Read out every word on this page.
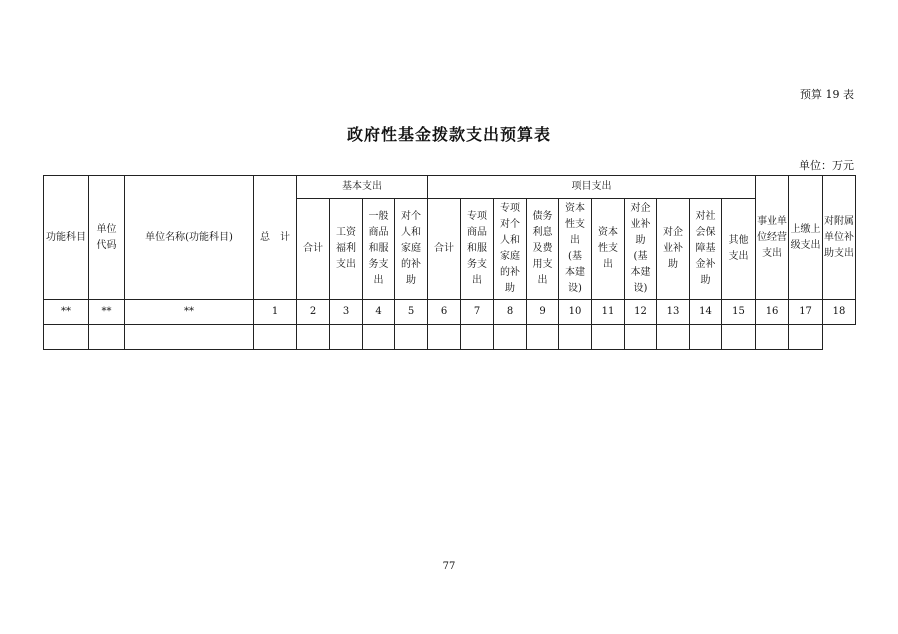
预算 19 表
政府性基金拨款支出预算表
单位：万元
功能科目	单位代码	单位名称(功能科目)	总　计	基本支出				项目支出										事业单位经营支出	上缴上级支出	对附属单位补助支出
				合计	工资福利支出	一般商品和服务支出	对个人和家庭的补助	合计	专项商品和服务支出	专项对个人和家庭的补助	债务利息及费用支出	资本性支出(基本建设)	资本性支出	对企业补助(基本建设)	对企业补助	对社会保障基金补助	其他支出			
**	**	**	1	2	3	4	5	6	7	8	9	10	11	12	13	14	15	16	17	18

77
